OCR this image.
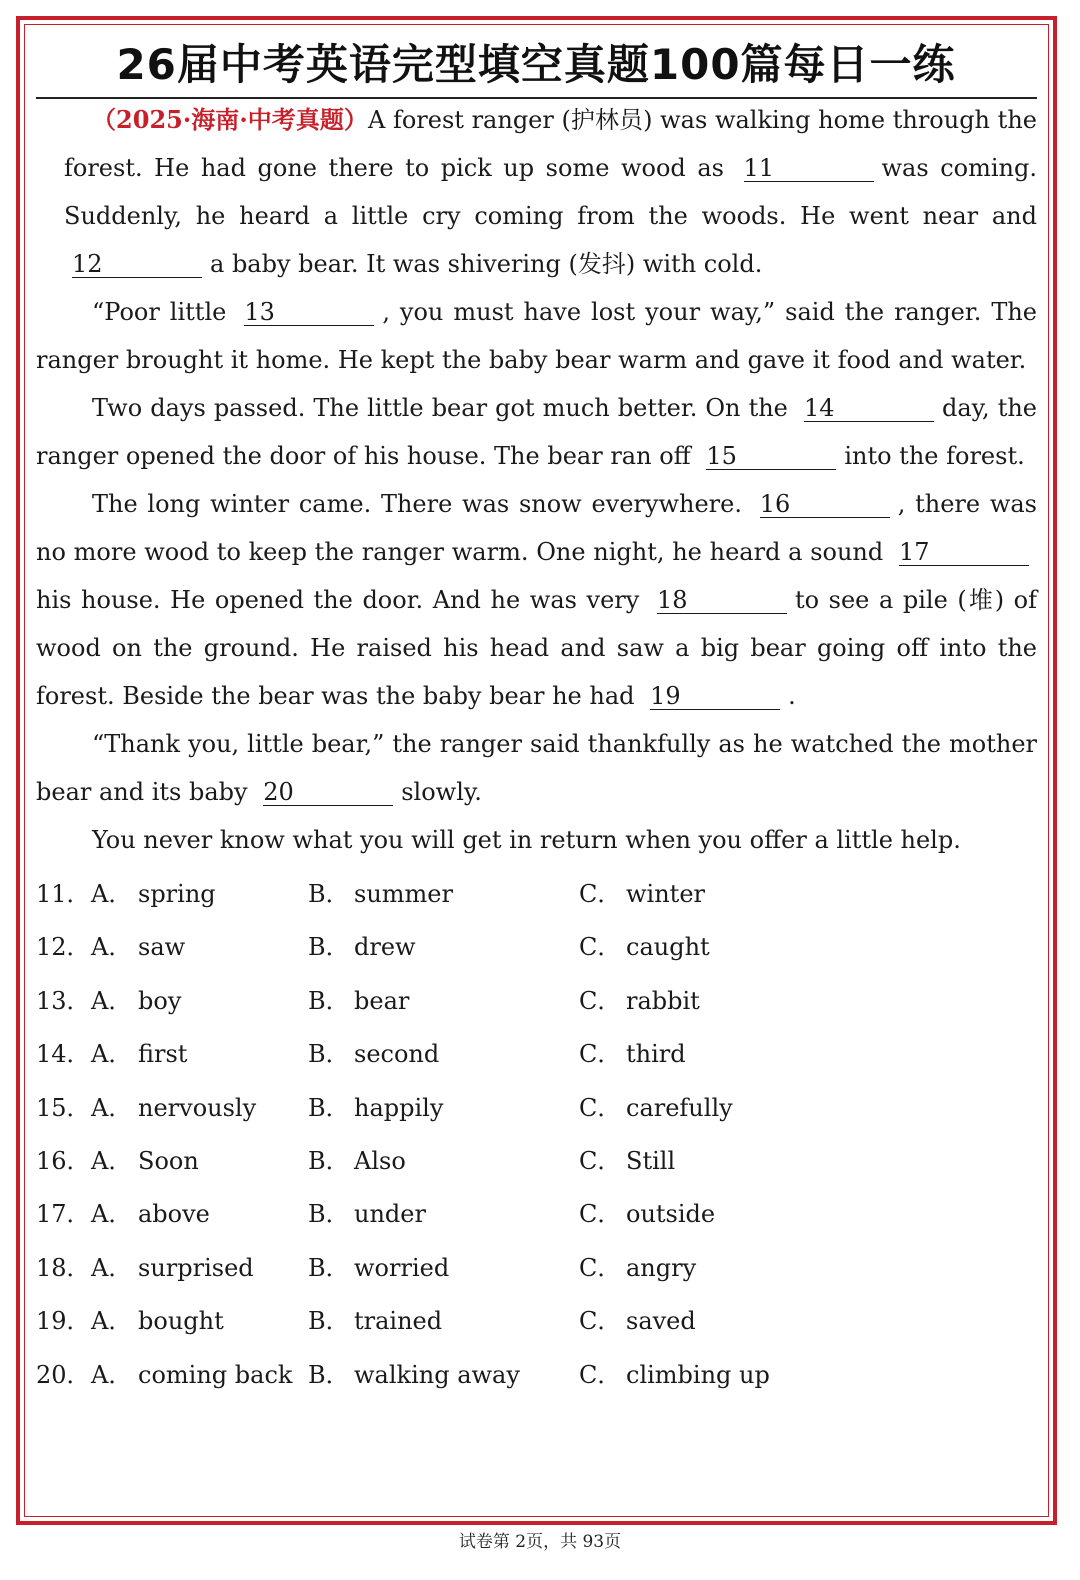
26届中考英语完型填空真题100篇每日一练

（2025·海南·中考真题）A forest ranger (护林员) was walking home through the forest. He had gone there to pick up some wood as 11	was coming. Suddenly, he heard a little cry coming from the woods. He went near and 12	a baby bear. It was shivering (发抖) with cold.

“Poor little 13	, you must have lost your way,” said the ranger. The ranger brought it home. He kept the baby bear warm and gave it food and water.

Two days passed. The little bear got much better. On the 14	day, the ranger opened the door of his house. The bear ran off 15	into the forest.

The long winter came. There was snow everywhere. 16	, there was no more wood to keep the ranger warm. One night, he heard a sound 17his house. He opened the door. And he was very 18	to see a pile (堆) of wood on the ground. He raised his head and saw a big bear going off into the forest. Beside the bear was the baby bear he had 19	.

“Thank you, little bear,” the ranger said thankfully as he watched the mother bear and its baby 20	slowly.

You never know what you will get in return when you offer a little help.

11． A． spring	B． summer	C． winter
12． A． saw	B． drew	C． caught
13． A． boy	B． bear	C． rabbit
14． A． first	B． second	C． third
15． A． nervously B． happily	C． carefully
16． A． Soon	B． Also	C． Still
17． A． above	B． under	C． outside
18． A． surprised B． worried	C． angry
19． A． bought	B． trained	C． saved
20． A． coming back B． walking away C． climbing up
试卷第 2页，共 93页
